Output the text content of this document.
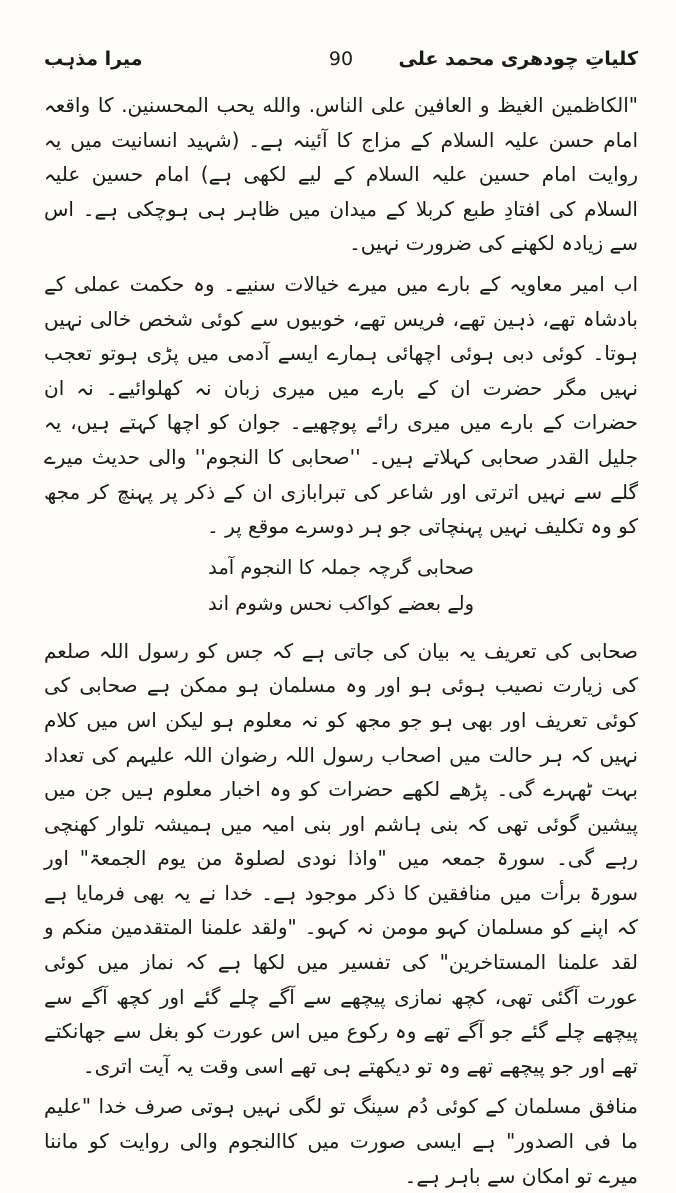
کلیاتِ چودھری محمد علی
90
میرا مذہب

"الکاظمین الغیظ و العافین علی الناس. والله یحب المحسنین. کا واقعہ امام حسن علیہ السلام کے مزاج کا آئینہ ہے۔ (شہید انسانیت میں یہ روایت امام حسین علیہ السلام کے لیے لکھی ہے) امام حسین علیہ السلام کی افتادِ طبع کربلا کے میدان میں ظاہر ہی ہوچکی ہے۔ اس سے زیادہ لکھنے کی ضرورت نہیں۔

اب امیر معاویہ کے بارے میں میرے خیالات سنیے۔ وہ حکمت عملی کے بادشاہ تھے، ذہین تھے، فریس تھے، خوبیوں سے کوئی شخص خالی نہیں ہوتا۔ کوئی دبی ہوئی اچھائی ہمارے ایسے آدمی میں پڑی ہوتو تعجب نہیں مگر حضرت ان کے بارے میں میری زبان نہ کھلوائیے۔ نہ ان حضرات کے بارے میں میری رائے پوچھیے۔ جوان کو اچھا کہتے ہیں، یہ جلیل القدر صحابی کہلاتے ہیں۔ ''صحابی کا النجوم'' والی حدیث میرے گلے سے نہیں اترتی اور شاعر کی تبرابازی ان کے ذکر پر پہنچ کر مجھ کو وہ تکلیف نہیں پہنچاتی جو ہر دوسرے موقع پر ۔

صحابی گرچہ جملہ کا النجوم آمد
ولے بعضے کواکب نحس وشوم اند

صحابی کی تعریف یہ بیان کی جاتی ہے کہ جس کو رسول اللہ صلعم کی زیارت نصیب ہوئی ہو اور وہ مسلمان ہو ممکن ہے صحابی کی کوئی تعریف اور بھی ہو جو مجھ کو نہ معلوم ہو لیکن اس میں کلام نہیں کہ ہر حالت میں اصحاب رسول اللہ رضوان اللہ علیہم کی تعداد بہت ٹھہرے گی۔ پڑھے لکھے حضرات کو وہ اخبار معلوم ہیں جن میں پیشین گوئی تھی کہ بنی ہاشم اور بنی امیہ میں ہمیشہ تلوار کھنچی رہے گی۔ سورۃ جمعہ میں "واذا نودی لصلوۃ من یوم الجمعۃ" اور سورۃ برأت میں منافقین کا ذکر موجود ہے۔ خدا نے یہ بھی فرمایا ہے کہ اپنے کو مسلمان کہو مومن نہ کہو۔ "ولقد علمنا المتقدمین منکم و لقد علمنا المستاخرین" کی تفسیر میں لکھا ہے کہ نماز میں کوئی عورت آگئی تھی، کچھ نمازی پیچھے سے آگے چلے گئے اور کچھ آگے سے پیچھے چلے گئے جو آگے تھے وہ رکوع میں اس عورت کو بغل سے جھانکتے تھے اور جو پیچھے تھے وہ تو دیکھتے ہی تھے اسی وقت یہ آیت اتری۔

منافق مسلمان کے کوئی دُم سینگ تو لگی نہیں ہوتی صرف خدا "علیم ما فی الصدور" ہے ایسی صورت میں کاالنجوم والی روایت کو ماننا میرے تو امکان سے باہر ہے۔
